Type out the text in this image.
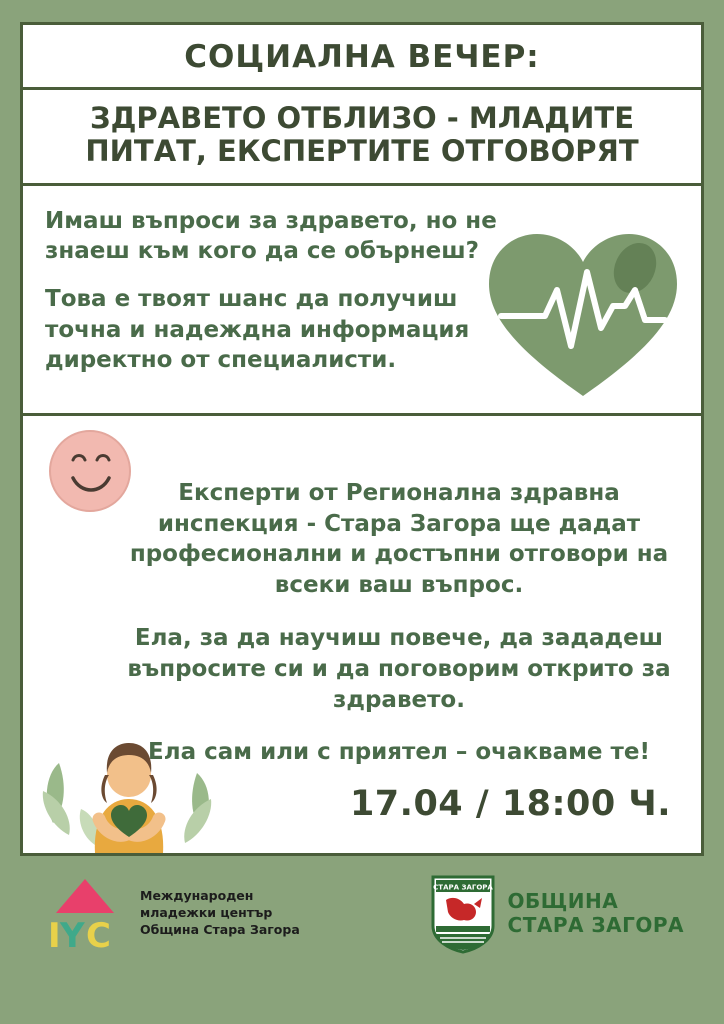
СОЦИАЛНА ВЕЧЕР:
ЗДРАВЕТО ОТБЛИЗО - МЛАДИТЕ ПИТАТ, ЕКСПЕРТИТЕ ОТГОВОРЯТ

Имаш въпроси за здравето, но не знаеш към кого да се обърнеш?

Това е твоят шанс да получиш точна и надеждна информация директно от специалисти.

Експерти от Регионална здравна инспекция - Стара Загора ще дадат професионални и достъпни отговори на всеки ваш въпрос.

Ела, за да научиш повече, да зададеш въпросите си и да поговорим открито за здравето.

Ела сам или с приятел – очакваме те!

17.04 / 18:00 Ч.
I Y C
Международен
младежки център
Община Стара Загора
СТАРА ЗАГОРА
ОБЩИНА
СТАРА ЗАГОРА
